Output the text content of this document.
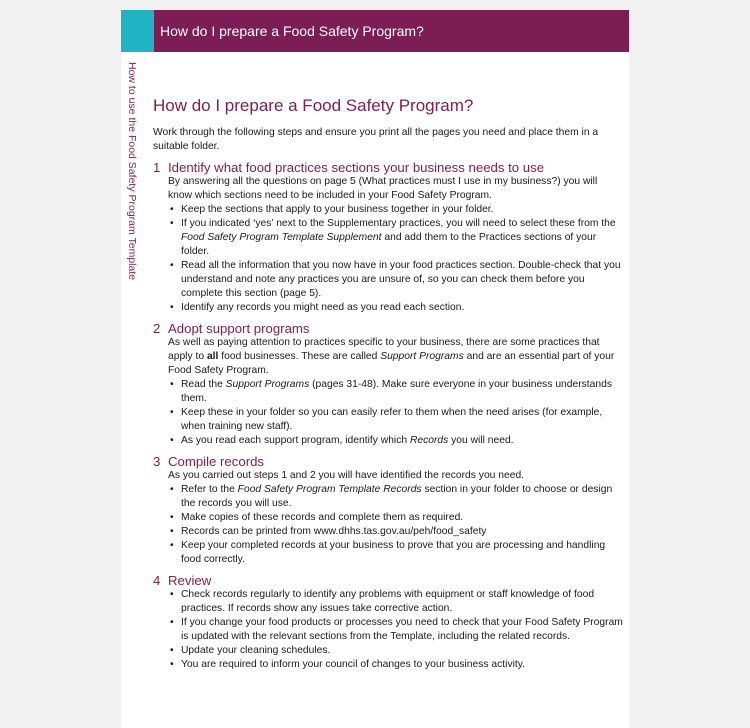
How do I prepare a Food Safety Program?
How to use the Food Safety Program Template How do I prepare a Food Safety Program?

Work through the following steps and ensure you print all the pages you need and place them in a suitable folder.

1 Identify what food practices sections your business needs to use

By answering all the questions on page 5 (What practices must I use in my business?) you will know which sections need to be included in your Food Safety Program.

• Keep the sections that apply to your business together in your folder.
• If you indicated ‘yes’ next to the Supplementary practices, you will need to select these from the Food Safety Program Template Supplement and add them to the Practices sections of your folder.
• Read all the information that you now have in your food practices section. Double-check that you understand and note any practices you are unsure of, so you can check them before you complete this section (page 5).
• Identify any records you might need as you read each section.
2 Adopt support programs

As well as paying attention to practices specific to your business, there are some practices that apply to all food businesses. These are called Support Programs and are an essential part of your Food Safety Program.

• Read the Support Programs (pages 31-48). Make sure everyone in your business understands them.
• Keep these in your folder so you can easily refer to them when the need arises (for example, when training new staff).
• As you read each support program, identify which Records you will need.
3 Compile records

As you carried out steps 1 and 2 you will have identified the records you need.

• Refer to the Food Safety Program Template Records section in your folder to choose or design the records you will use.
• Make copies of these records and complete them as required.
• Records can be printed from www.dhhs.tas.gov.au/peh/food_safety
• Keep your completed records at your business to prove that you are processing and handling food correctly.
4 Review
• Check records regularly to identify any problems with equipment or staff knowledge of food practices. If records show any issues take corrective action.
• If you change your food products or processes you need to check that your Food Safety Program is updated with the relevant sections from the Template, including the related records.
• Update your cleaning schedules.
• You are required to inform your council of changes to your business activity.
